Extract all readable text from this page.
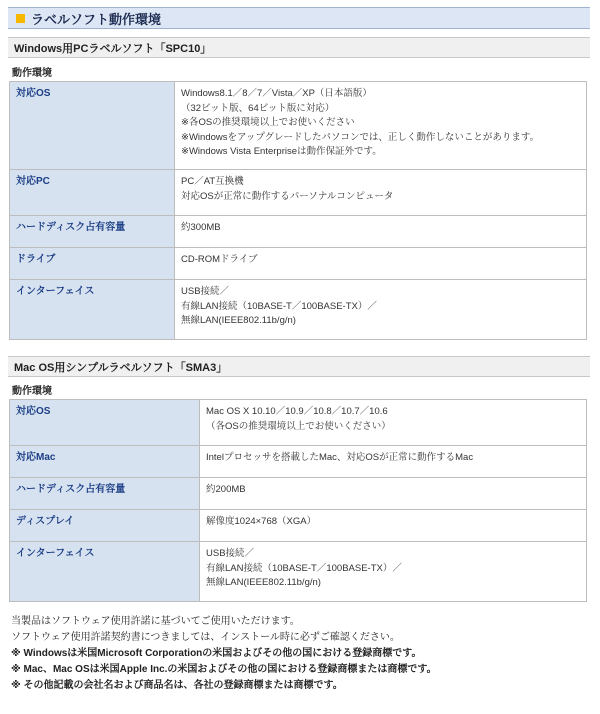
ラベルソフト動作環境
Windows用PCラベルソフト「SPC10」
動作環境
対応OS	Windows8.1／8／7／Vista／XP（日本語版）
（32ビット版、64ビット版に対応）
※各OSの推奨環境以上でお使いください
※Windowsをアップグレードしたパソコンでは、正しく動作しないことがあります。
※Windows Vista Enterpriseは動作保証外です。

対応PC	PC／AT互換機
対応OSが正常に動作するパーソナルコンピュータ

ハードディスク占有容量	約300MB

ドライブ	CD-ROMドライブ

インターフェイス	USB接続／
有線LAN接続（10BASE-T／100BASE-TX）／
無線LAN(IEEE802.11b/g/n)
Mac OS用シンプルラベルソフト「SMA3」
動作環境
対応OS	Mac OS X 10.10／10.9／10.8／10.7／10.6
（各OSの推奨環境以上でお使いください）

対応Mac	Intelプロセッサを搭載したMac、対応OSが正常に動作するMac

ハードディスク占有容量	約200MB

ディスプレイ	解像度1024×768（XGA）

インターフェイス	USB接続／
有線LAN接続（10BASE-T／100BASE-TX）／
無線LAN(IEEE802.11b/g/n)
当製品はソフトウェア使用許諾に基づいてご使用いただけます。
ソフトウェア使用許諾契約書につきましては、インストール時に必ずご確認ください。
※ Windowsは米国Microsoft Corporationの米国およびその他の国における登録商標です。
※ Mac、Mac OSは米国Apple Inc.の米国およびその他の国における登録商標または商標です。
※ その他記載の会社名および商品名は、各社の登録商標または商標です。
